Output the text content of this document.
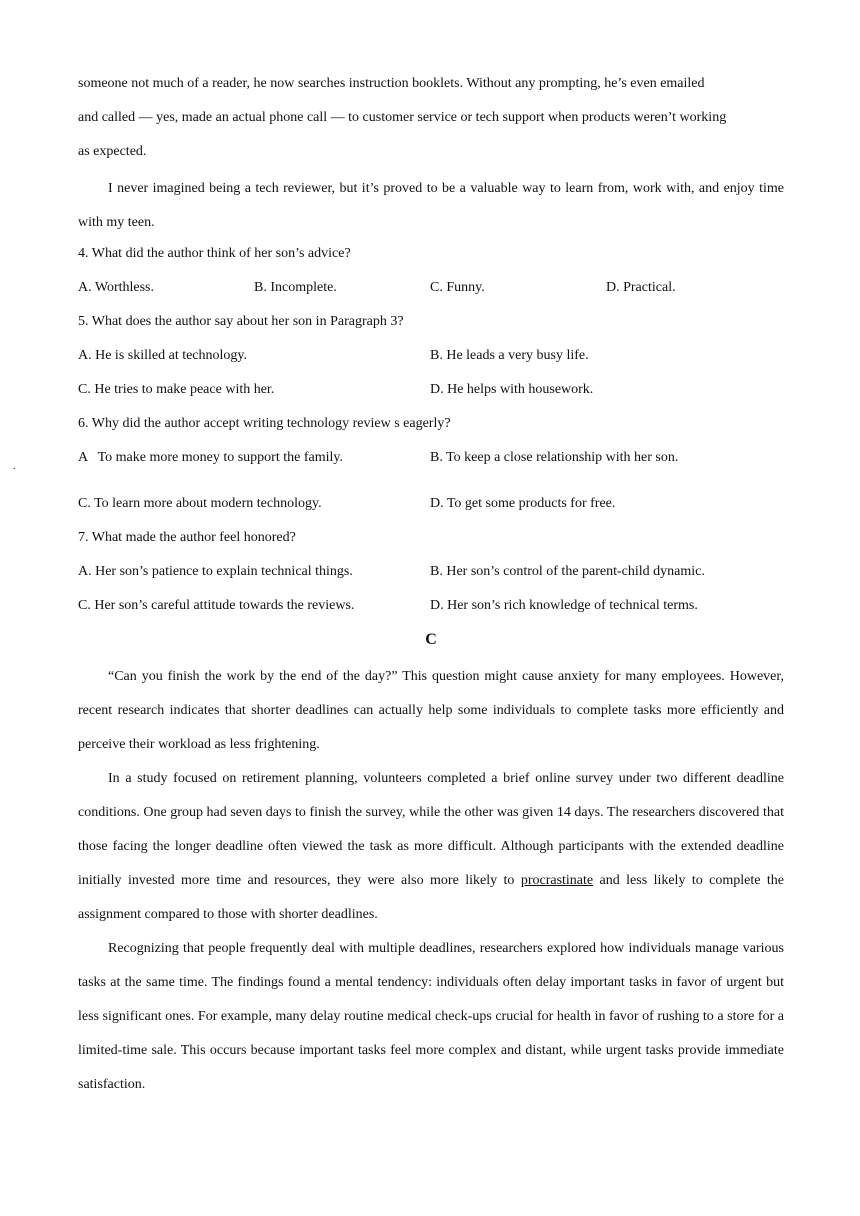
someone not much of a reader, he now searches instruction booklets. Without any prompting, he’s even emailed
and called — yes, made an actual phone call — to customer service or tech support when products weren’t working
as expected.

I never imagined being a tech reviewer, but it’s proved to be a valuable way to learn from, work with, and enjoy time with my teen.

4. What did the author think of her son’s advice?
A. Worthless.	B. Incomplete.	C. Funny.	D. Practical.
5. What does the author say about her son in Paragraph 3?
A. He is skilled at technology.	B. He leads a very busy life.
C. He tries to make peace with her.	D. He helps with housework.
6. Why did the author accept writing technology review s eagerly?
A   To make more money to support the family.	B. To keep a close relationship with her son.
C. To learn more about modern technology.	D. To get some products for free.
7. What made the author feel honored?
A. Her son’s patience to explain technical things.	B. Her son’s control of the parent-child dynamic.
C. Her son’s careful attitude towards the reviews.	D. Her son’s rich knowledge of technical terms.
C

“Can you finish the work by the end of the day?” This question might cause anxiety for many employees. However, recent research indicates that shorter deadlines can actually help some individuals to complete tasks more efficiently and perceive their workload as less frightening.

In a study focused on retirement planning, volunteers completed a brief online survey under two different deadline conditions. One group had seven days to finish the survey, while the other was given 14 days. The researchers discovered that those facing the longer deadline often viewed the task as more difficult. Although participants with the extended deadline initially invested more time and resources, they were also more likely to procrastinate and less likely to complete the assignment compared to those with shorter deadlines.

Recognizing that people frequently deal with multiple deadlines, researchers explored how individuals manage various tasks at the same time. The findings found a mental tendency: individuals often delay important tasks in favor of urgent but less significant ones. For example, many delay routine medical check-ups crucial for health in favor of rushing to a store for a limited-time sale. This occurs because important tasks feel more complex and distant, while urgent tasks provide immediate satisfaction.

.
